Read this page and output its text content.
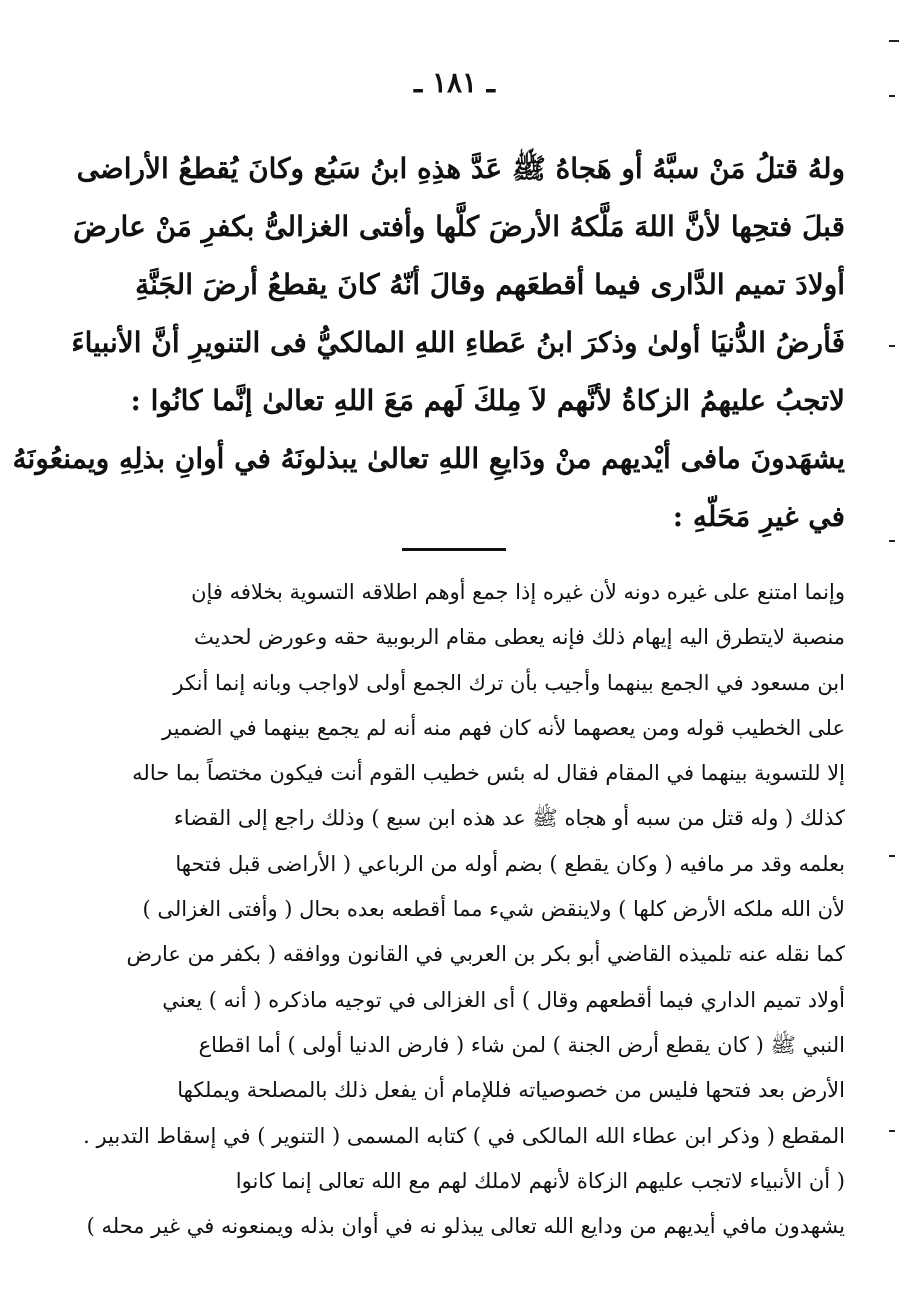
ـ ١٨١ ـ
ولهُ قتلُ مَنْ سبَّهُ أو هَجاهُ ﷺ عَدَّ هذِهِ ابنُ سَبُع وكانَ يُقطعُ الأراضى
قبلَ فتحِها لأنَّ اللهَ مَلَّكهُ الأرضَ كلَّها وأفتى الغزالىُّ بكفرِ مَنْ عارضَ
أولادَ تميم الدَّارى فيما أقطعَهم وقالَ أنّهُ كانَ يقطعُ أرضَ الجَنَّةِ
فَأرضُ الدُّنيَا أولىٰ وذكرَ ابنُ عَطاءِ اللهِ المالكيُّ فى التنويرِ أنَّ الأنبياءَ
لاتجبُ عليهمُ الزكاةُ لأنَّهم لاَ مِلكَ لَهم مَعَ اللهِ تعالىٰ إنَّما كانُوا :
يشهَدونَ مافى أيْديهم منْ ودَايعِ اللهِ تعالىٰ يبذلونَهُ في أوانِ بذلِهِ ويمنعُونَهُ
في غيرِ مَحَلّهِ :
وإنما امتنع على غيره دونه لأن غيره إذا جمع أوهم اطلاقه التسوية بخلافه فإن
منصبة لايتطرق اليه إيهام ذلك فإنه يعطى مقام الربوبية حقه وعورض لحديث
ابن مسعود في الجمع بينهما وأجيب بأن ترك الجمع أولى لاواجب وبانه إنما أنكر
على الخطيب قوله ومن يعصهما لأنه كان فهم منه أنه لم يجمع بينهما في الضمير
إلا للتسوية بينهما في المقام فقال له بئس خطيب القوم أنت فيكون مختصاً بما حاله
كذلك ( وله قتل من سبه أو هجاه ﷺ عد هذه ابن سبع ) وذلك راجع إلى القضاء
بعلمه وقد مر مافيه ( وكان يقطع ) بضم أوله من الرباعي ( الأراضى قبل فتحها
لأن الله ملكه الأرض كلها ) ولاينقض شيء مما أقطعه بعده بحال ( وأفتى الغزالى )
كما نقله عنه تلميذه القاضي أبو بكر بن العربي في القانون ووافقه ( بكفر من عارض
أولاد تميم الداري فيما أقطعهم وقال ) أى الغزالى في توجيه ماذكره ( أنه ) يعني
النبي ﷺ ( كان يقطع أرض الجنة ) لمن شاء ( فارض الدنيا أولى ) أما اقطاع
الأرض بعد فتحها فليس من خصوصياته فللإمام أن يفعل ذلك بالمصلحة ويملكها
المقطع ( وذكر ابن عطاء الله المالكى في ) كتابه المسمى ( التنوير ) في إسقاط التدبير .
( أن الأنبياء لاتجب عليهم الزكاة لأنهم لاملك لهم مع الله تعالى إنما كانوا
يشهدون مافي أيديهم من ودايع الله تعالى يبذلو نه في أوان بذله ويمنعونه في غير محله )
